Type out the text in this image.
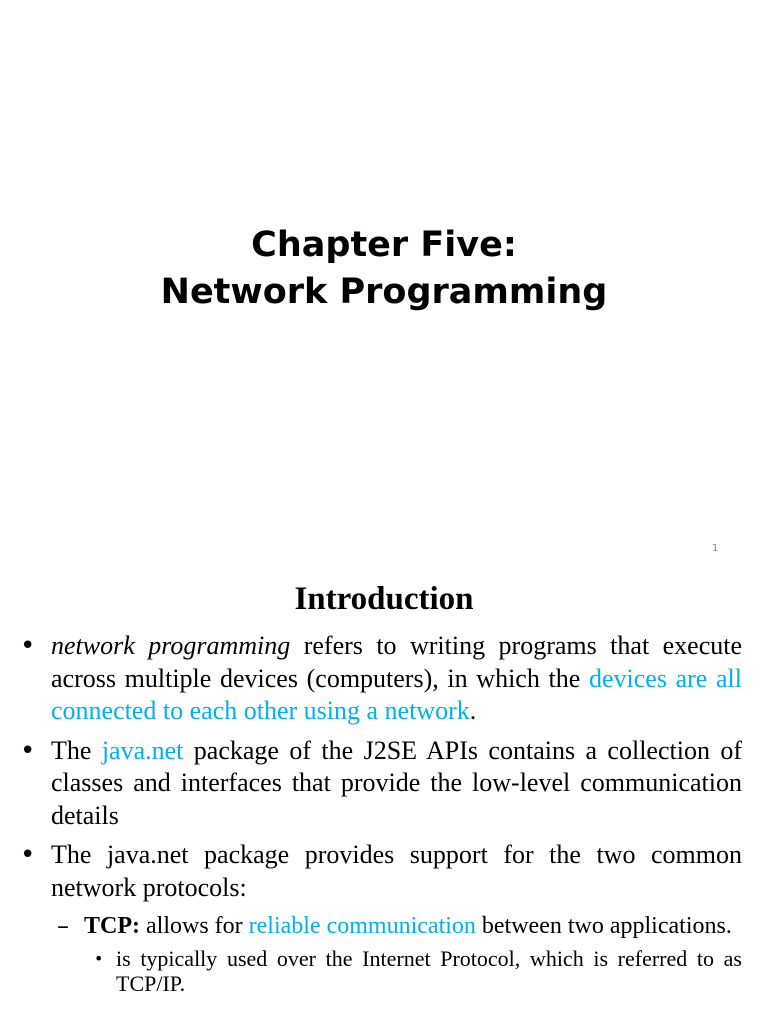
Chapter Five:
Network Programming
1
Introduction
• network programming refers to writing programs that execute across multiple devices (computers), in which the devices are all connected to each other using a network.
• The java.net package of the J2SE APIs contains a collection of classes and interfaces that provide the low-level communication details
• The java.net package provides support for the two common network protocols:
– TCP: allows for reliable communication between two applications.
• is typically used over the Internet Protocol, which is referred to as TCP/IP.
